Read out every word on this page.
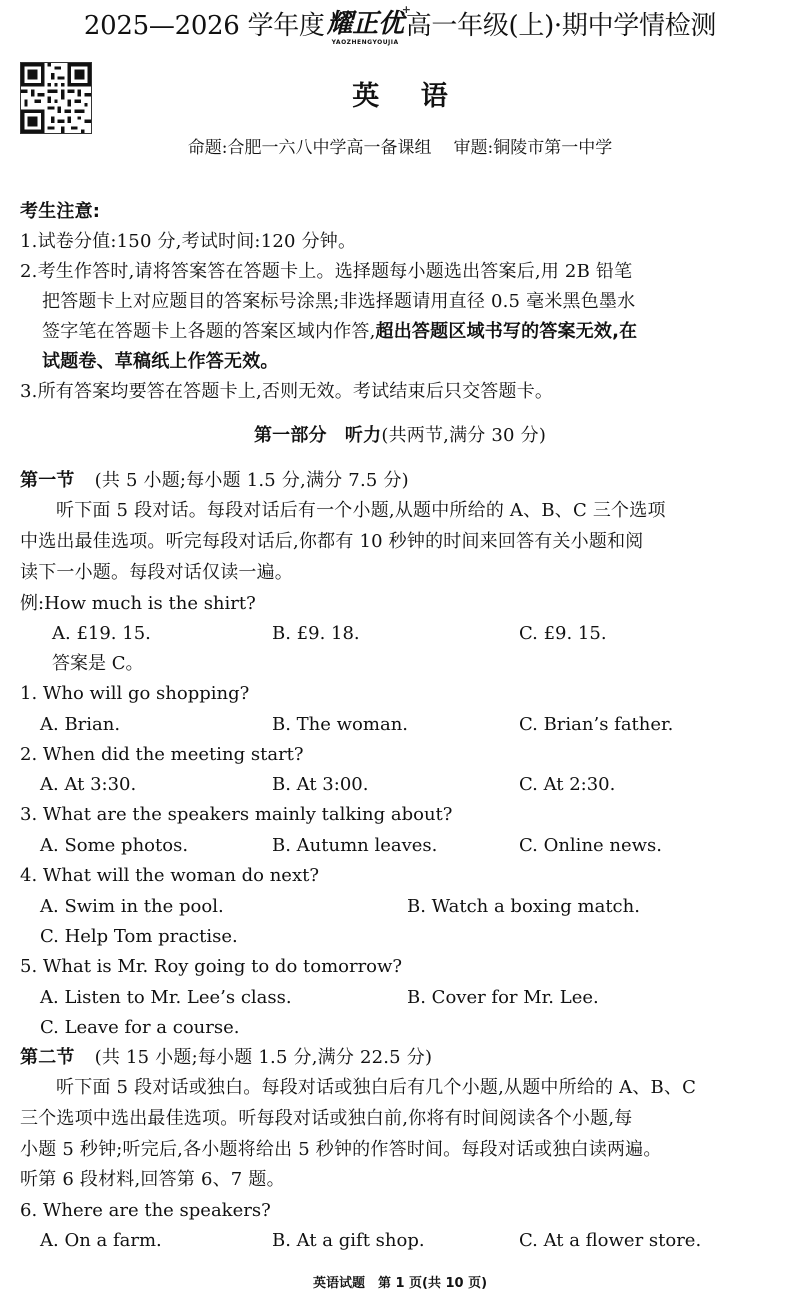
2025—2026 学年度耀正优
YAOZHENGYOUJIA
+
高一年级(上)·期中学情检测
英 语
命题:合肥一六八中学高一备课组 审题:铜陵市第一中学
考生注意:
1.试卷分值:150 分,考试时间:120 分钟。
2.考生作答时,请将答案答在答题卡上。选择题每小题选出答案后,用 2B 铅笔
把答题卡上对应题目的答案标号涂黑;非选择题请用直径 0.5 毫米黑色墨水
签字笔在答题卡上各题的答案区域内作答,超出答题区域书写的答案无效,在
试题卷、草稿纸上作答无效。
3.所有答案均要答在答题卡上,否则无效。考试结束后只交答题卡。
第一部分　听力(共两节,满分 30 分)
第一节 (共 5 小题;每小题 1.5 分,满分 7.5 分)
听下面 5 段对话。每段对话后有一个小题,从题中所给的 A、B、C 三个选项
中选出最佳选项。听完每段对话后,你都有 10 秒钟的时间来回答有关小题和阅
读下一小题。每段对话仅读一遍。
例:How much is the shirt?
A. £19. 15.	B. £9. 18.	C. £9. 15.
答案是 C。
1. Who will go shopping?
A. Brian.	B. The woman.	C. Brian’s father.
2. When did the meeting start?
A. At 3:30.	B. At 3:00.	C. At 2:30.
3. What are the speakers mainly talking about?
A. Some photos.	B. Autumn leaves.	C. Online news.
4. What will the woman do next?
A. Swim in the pool.	B. Watch a boxing match.
C. Help Tom practise.
5. What is Mr. Roy going to do tomorrow?
A. Listen to Mr. Lee’s class.	B. Cover for Mr. Lee.
C. Leave for a course.
第二节 (共 15 小题;每小题 1.5 分,满分 22.5 分)
听下面 5 段对话或独白。每段对话或独白后有几个小题,从题中所给的 A、B、C
三个选项中选出最佳选项。听每段对话或独白前,你将有时间阅读各个小题,每
小题 5 秒钟;听完后,各小题将给出 5 秒钟的作答时间。每段对话或独白读两遍。
听第 6 段材料,回答第 6、7 题。
6. Where are the speakers?
A. On a farm.	B. At a gift shop.	C. At a flower store.
英语试题　第 1 页(共 10 页)
